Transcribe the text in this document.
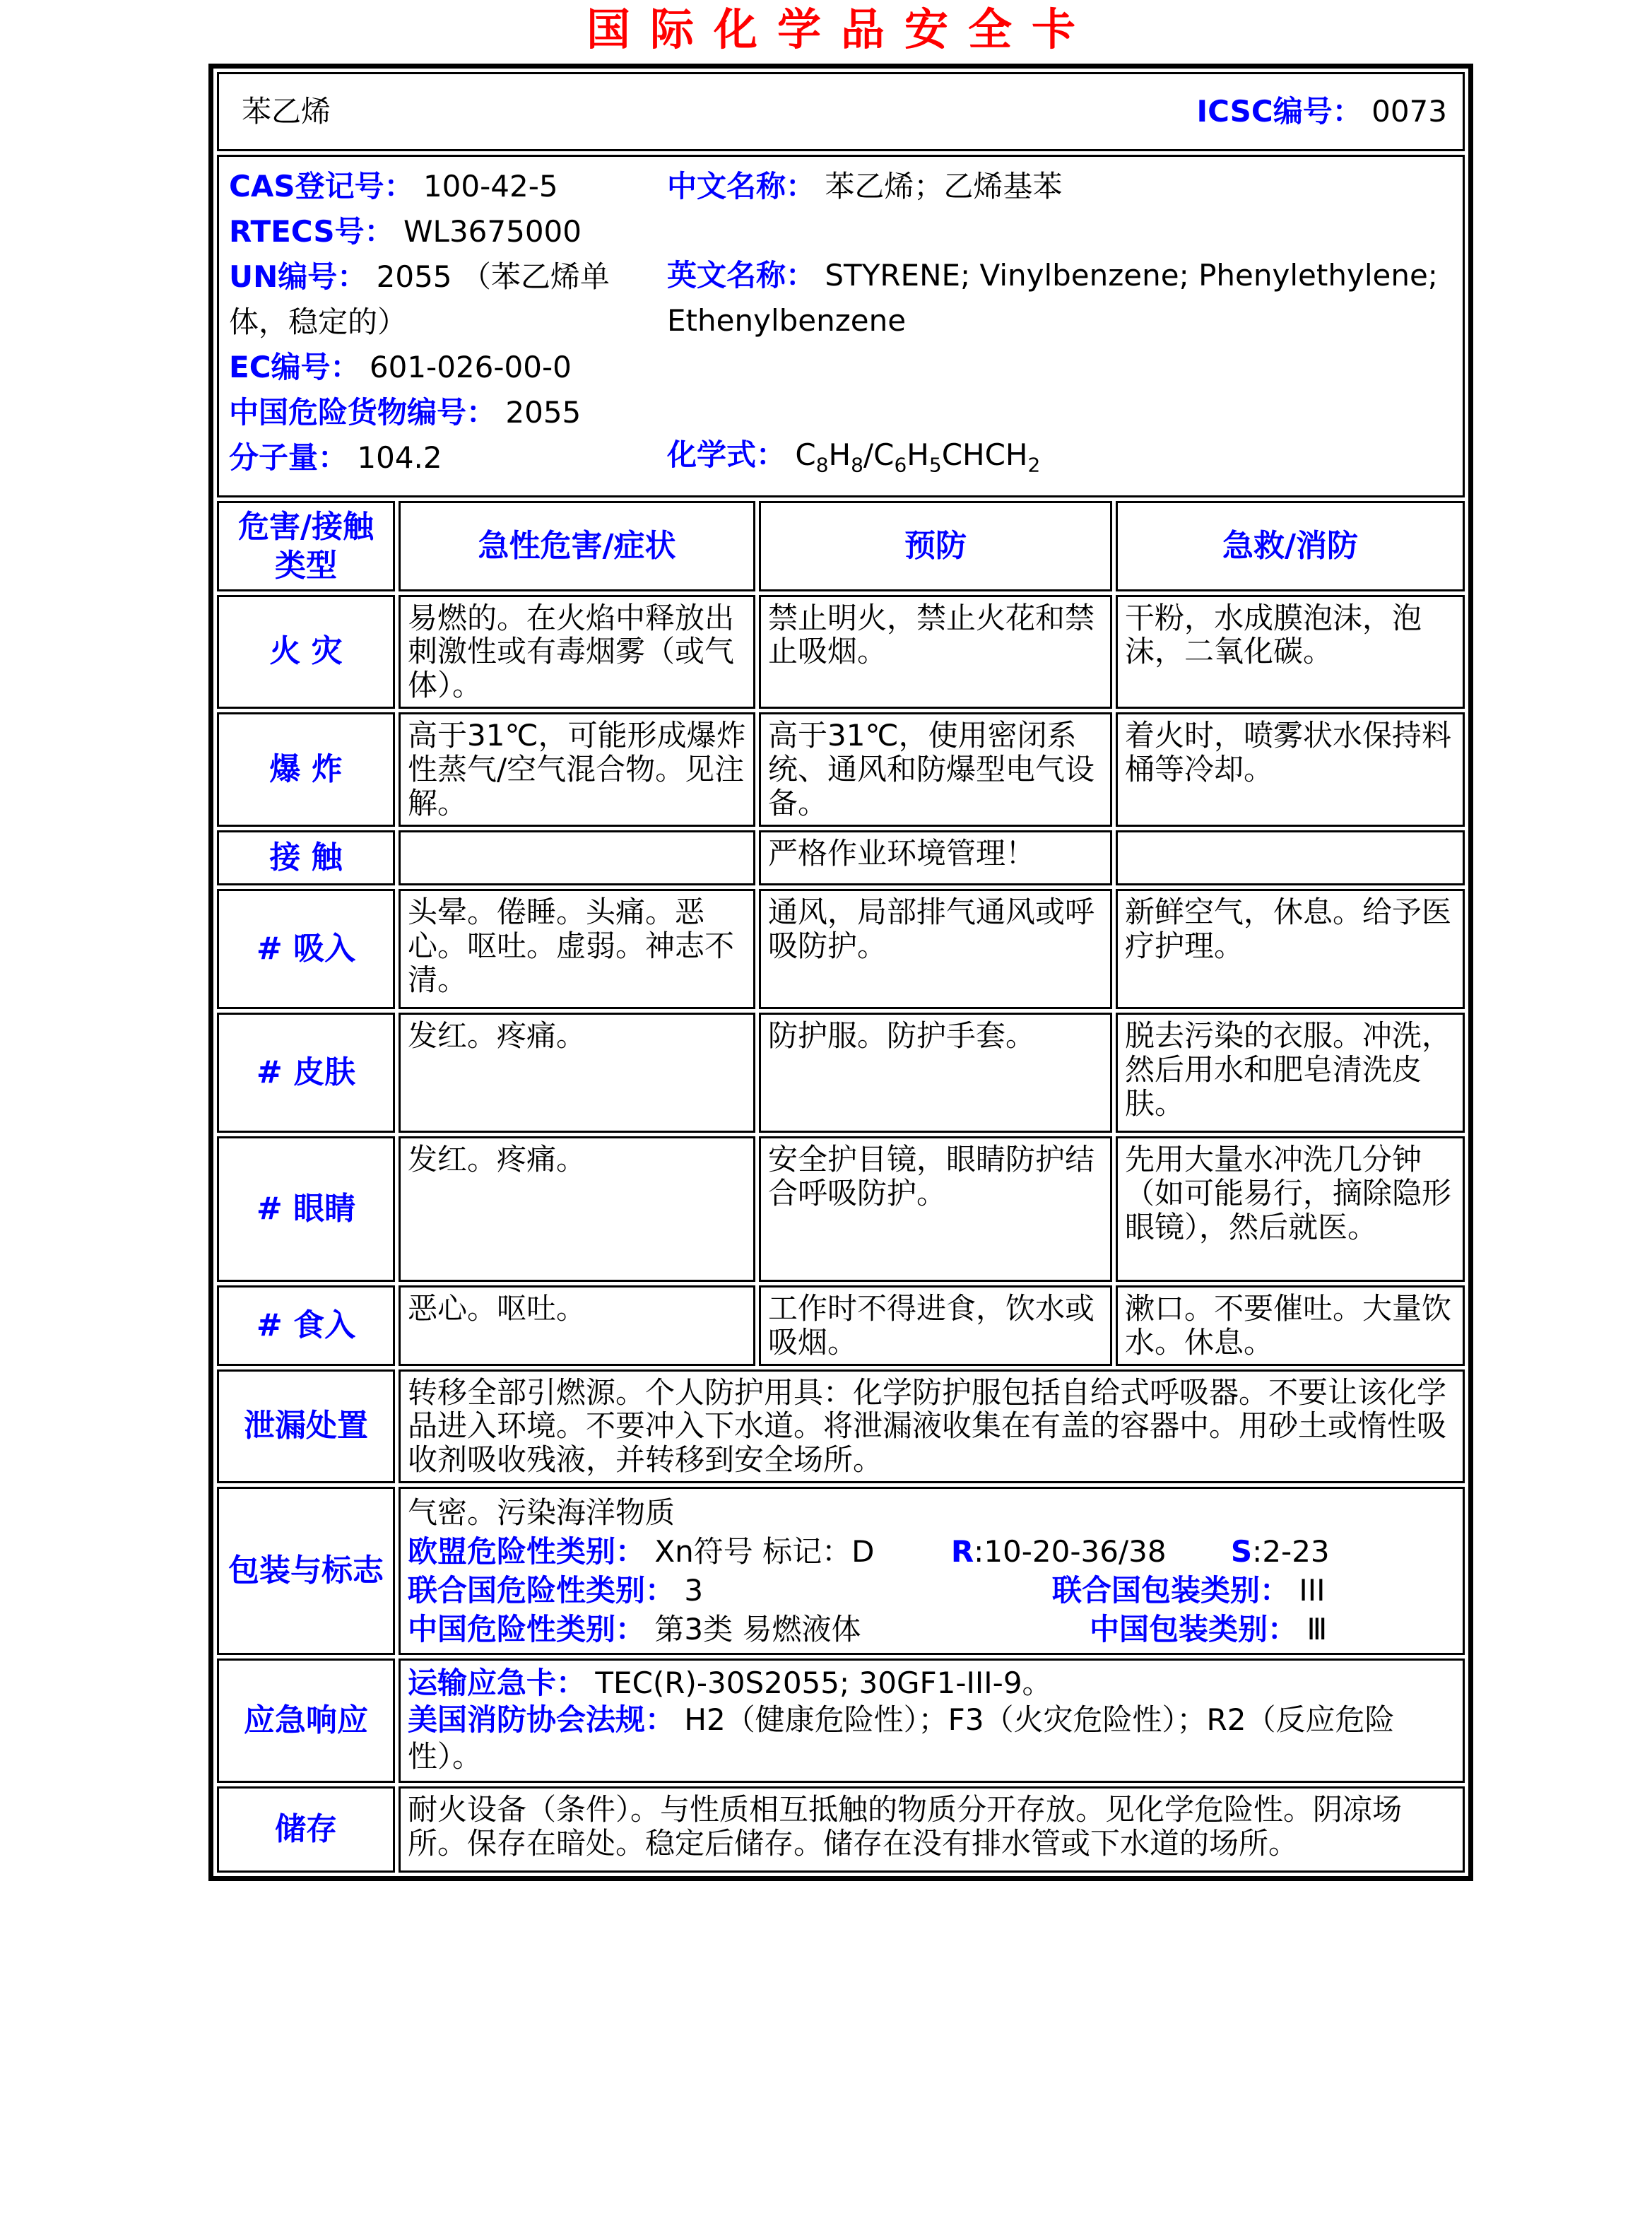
国际化学品安全卡
苯乙烯 ICSC编号： 0073			

CAS登记号： 100-42-5
RTECS号： WL3675000
UN编号： 2055 （苯乙烯单体，稳定的）
EC编号： 601-026-00-0
中国危险货物编号： 2055
分子量： 104.2
中文名称： 苯乙烯；乙烯基苯
英文名称： STYRENE; Vinylbenzene; Phenylethylene; Ethenylbenzene
化学式： $C_8H_8/C_6H_5CHCH_2$

危害/接触类型	急性危害/症状	预防	急救/消防
火 灾	易燃的。在火焰中释放出刺激性或有毒烟雾（或气体）。	禁止明火，禁止火花和禁止吸烟。	干粉，水成膜泡沫，泡沫，二氧化碳。
爆 炸	高于31℃，可能形成爆炸性蒸气/空气混合物。见注解。	高于31℃，使用密闭系统、通风和防爆型电气设备。	着火时，喷雾状水保持料桶等冷却。
接 触		严格作业环境管理！	
# 吸入	头晕。倦睡。头痛。恶心。呕吐。虚弱。神志不清。	通风，局部排气通风或呼吸防护。	新鲜空气，休息。给予医疗护理。
# 皮肤	发红。疼痛。	防护服。防护手套。	脱去污染的衣服。冲洗，然后用水和肥皂清洗皮肤。
# 眼睛	发红。疼痛。	安全护目镜，眼睛防护结合呼吸防护。	先用大量水冲洗几分钟（如可能易行，摘除隐形眼镜），然后就医。
# 食入	恶心。呕吐。	工作时不得进食，饮水或吸烟。	漱口。不要催吐。大量饮水。休息。
泄漏处置	转移全部引燃源。个人防护用具：化学防护服包括自给式呼吸器。不要让该化学品进入环境。不要冲入下水道。将泄漏液收集在有盖的容器中。用砂土或惰性吸收剂吸收残液，并转移到安全场所。		
包装与标志	气密。污染海洋物质
欧盟危险性类别： Xn符号 标记：D R:10-20-36/38 S:2-23
联合国危险性类别： 3 联合国包装类别： III
中国危险性类别： 第3类 易燃液体 中国包装类别： Ⅲ		

应急响应	运输应急卡： TEC(R)-30S2055; 30GF1-III-9。
美国消防协会法规： H2（健康危险性）；F3（火灾危险性）；R2（反应危险性）。		

储存	耐火设备（条件）。与性质相互抵触的物质分开存放。见化学危险性。阴凉场所。保存在暗处。稳定后储存。储存在没有排水管或下水道的场所。		
